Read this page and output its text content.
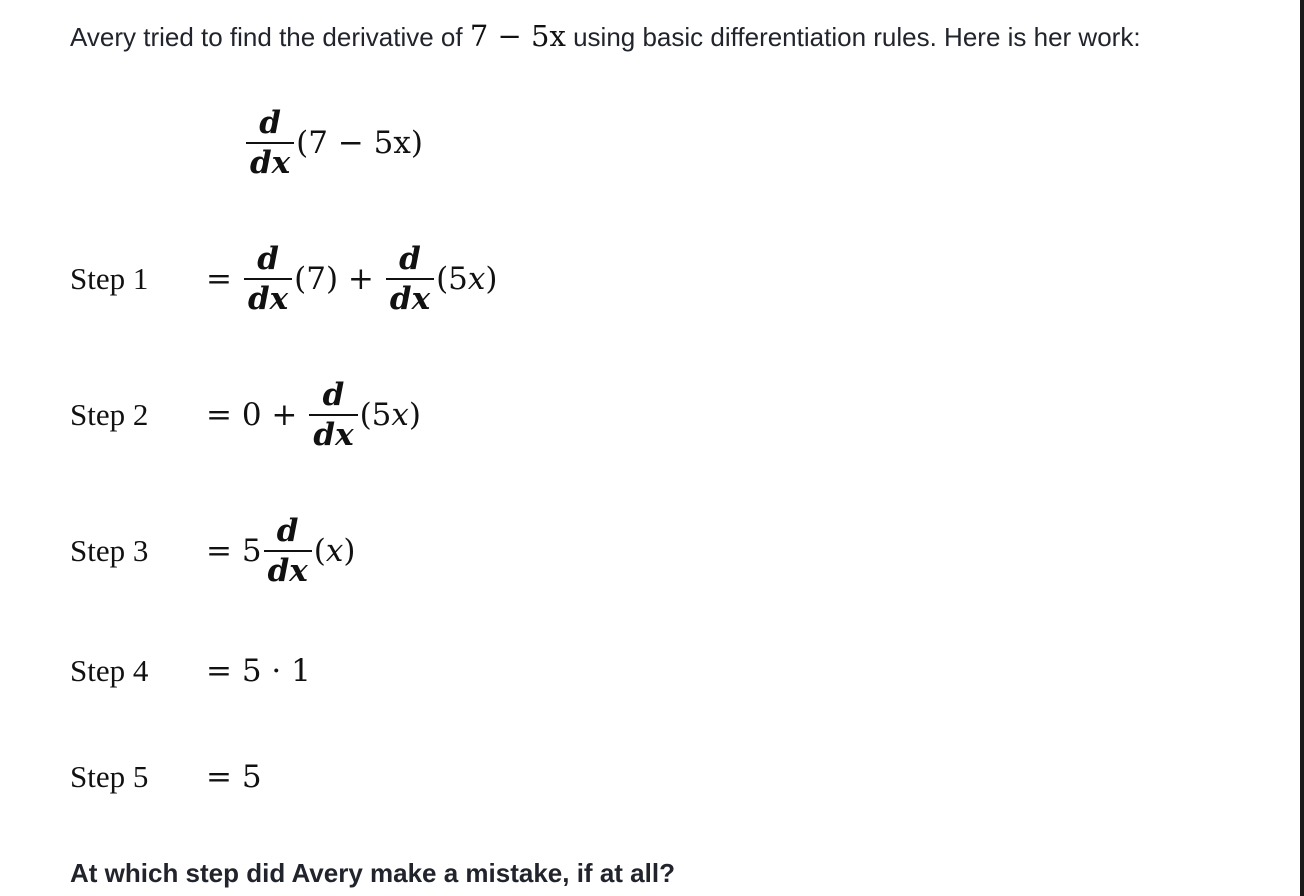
Avery tried to find the derivative of 7 − 5x using basic differentiation rules. Here is her work:
$\frac{d}{dx} (7 - 5x)$
Step 1	= $\frac{d}{dx} (7) + \frac{d}{dx} (5x)$
Step 2	= $0 + \frac{d}{dx} (5x)$
Step 3	= $5 \frac{d}{dx} (x)$
Step 4	= 5 · 1
Step 5	= 5
At which step did Avery make a mistake, if at all?
